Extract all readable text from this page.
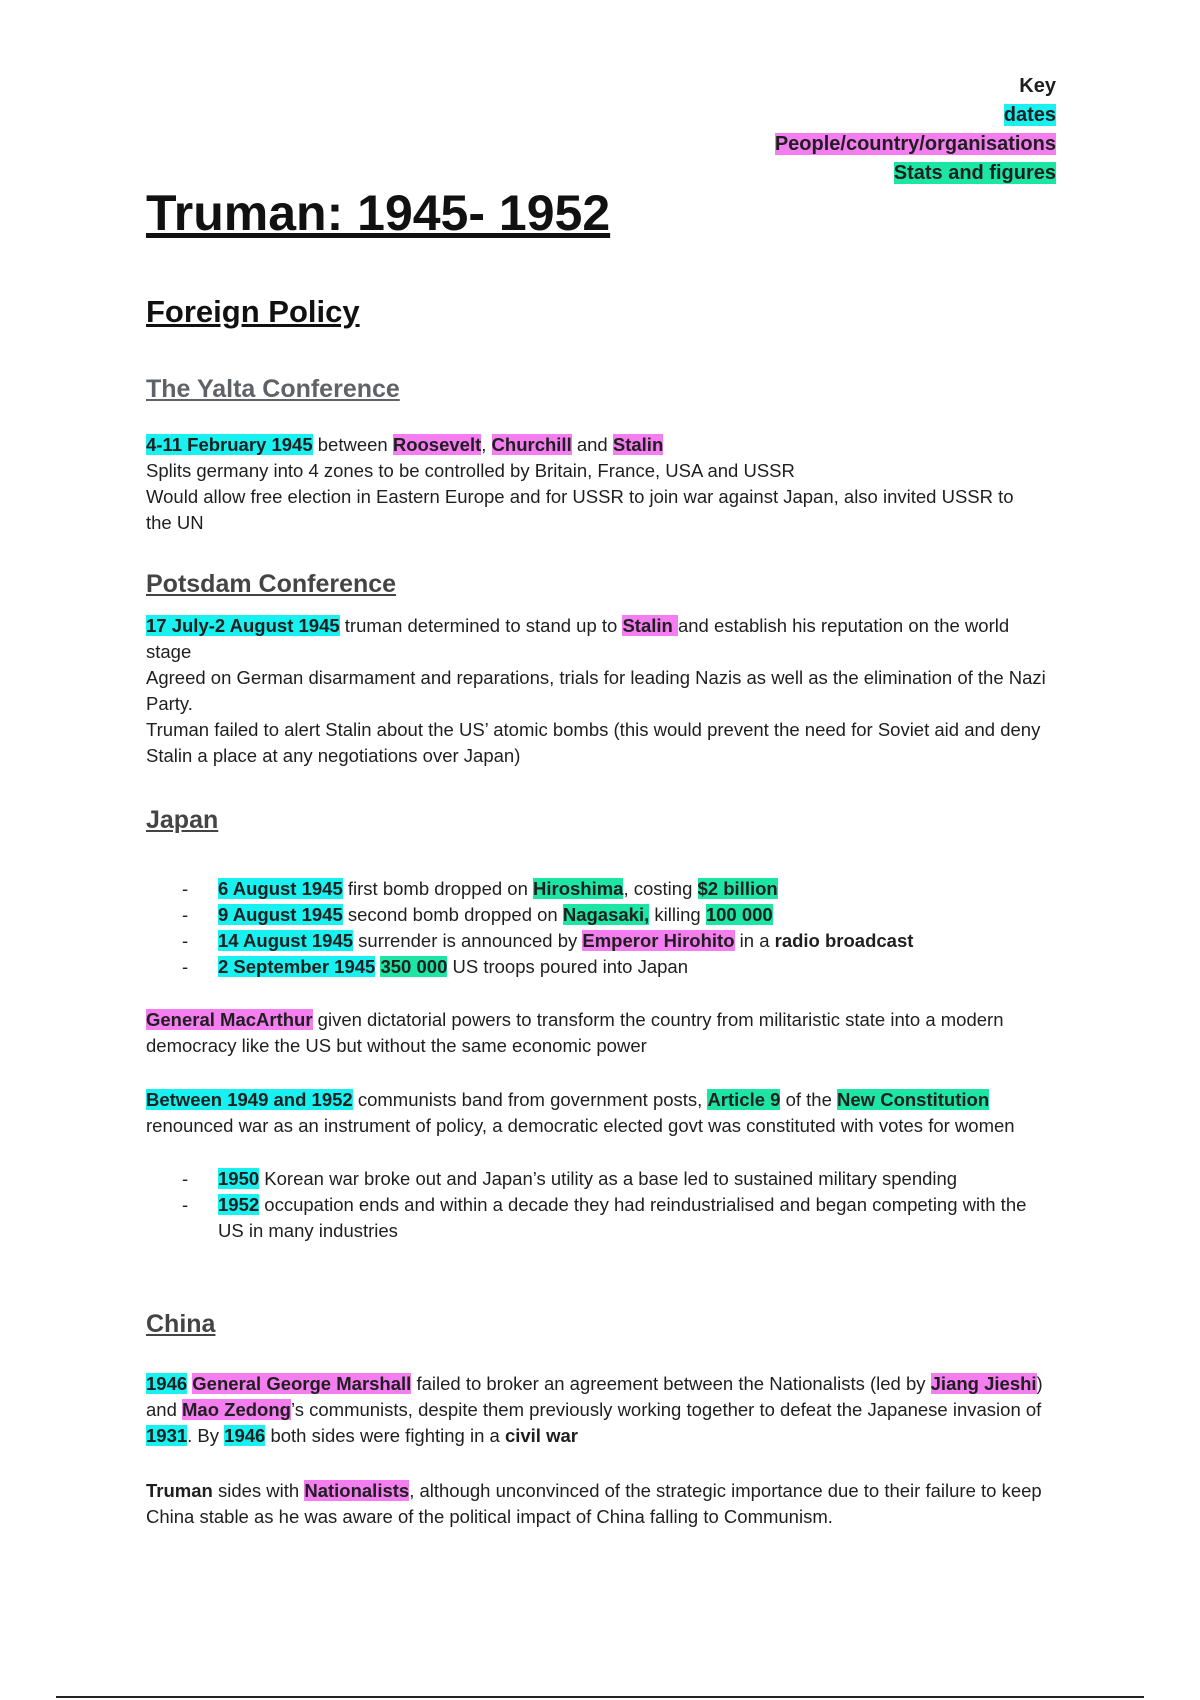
Key
dates
People/country/organisations
Stats and figures
Truman: 1945- 1952
Foreign Policy
The Yalta Conference
4-11 February 1945 between Roosevelt, Churchill and Stalin
Splits germany into 4 zones to be controlled by Britain, France, USA and USSR
Would allow free election in Eastern Europe and for USSR to join war against Japan, also invited USSR to the UN
Potsdam Conference
17 July-2 August 1945 truman determined to stand up to Stalin and establish his reputation on the world stage
Agreed on German disarmament and reparations, trials for leading Nazis as well as the elimination of the Nazi Party.
Truman failed to alert Stalin about the US’ atomic bombs (this would prevent the need for Soviet aid and deny Stalin a place at any negotiations over Japan)
Japan
- 6 August 1945 first bomb dropped on Hiroshima, costing $2 billion
- 9 August 1945 second bomb dropped on Nagasaki, killing 100 000
- 14 August 1945 surrender is announced by Emperor Hirohito in a radio broadcast
- 2 September 1945 350 000 US troops poured into Japan
General MacArthur given dictatorial powers to transform the country from militaristic state into a modern democracy like the US but without the same economic power
Between 1949 and 1952 communists band from government posts, Article 9 of the New Constitution renounced war as an instrument of policy, a democratic elected govt was constituted with votes for women
- 1950 Korean war broke out and Japan’s utility as a base led to sustained military spending
- 1952 occupation ends and within a decade they had reindustrialised and began competing with the US in many industries
China
1946 General George Marshall failed to broker an agreement between the Nationalists (led by Jiang Jieshi) and Mao Zedong’s communists, despite them previously working together to defeat the Japanese invasion of 1931. By 1946 both sides were fighting in a civil war
Truman sides with Nationalists, although unconvinced of the strategic importance due to their failure to keep China stable as he was aware of the political impact of China falling to Communism.
